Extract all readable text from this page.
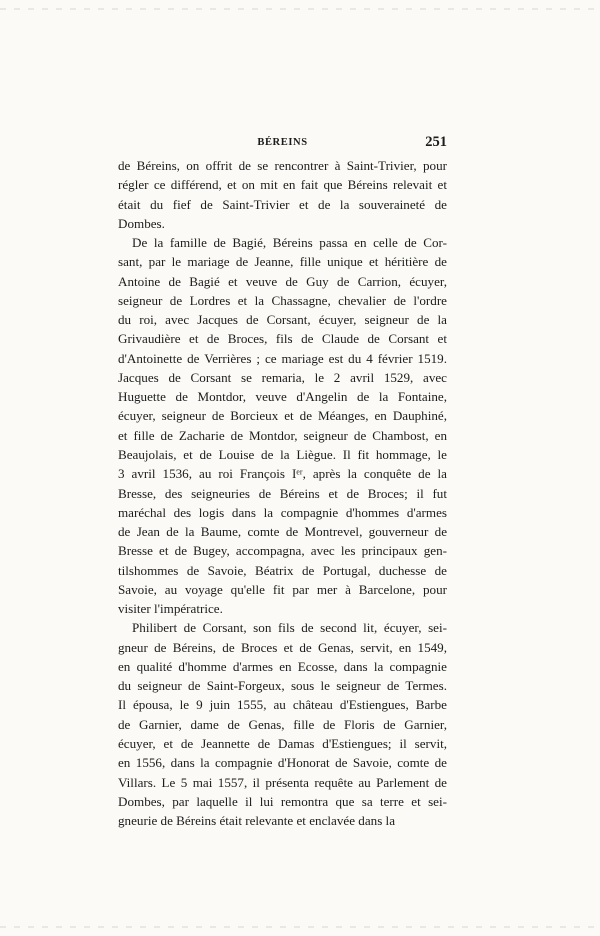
BÉREINS	251
de Béreins, on offrit de se rencontrer à Saint-Trivier, pour
régler ce différend, et on mit en fait que Béreins relevait et
était du fief de Saint-Trivier et de la souveraineté de
Dombes.
De la famille de Bagié, Béreins passa en celle de Cor-
sant, par le mariage de Jeanne, fille unique et héritière de
Antoine de Bagié et veuve de Guy de Carrion, écuyer,
seigneur de Lordres et la Chassagne, chevalier de l'ordre
du roi, avec Jacques de Corsant, écuyer, seigneur de la
Grivaudière et de Broces, fils de Claude de Corsant et
d'Antoinette de Verrières ; ce mariage est du 4 février 1519.
Jacques de Corsant se remaria, le 2 avril 1529, avec
Huguette de Montdor, veuve d'Angelin de la Fontaine,
écuyer, seigneur de Borcieux et de Méanges, en Dauphiné,
et fille de Zacharie de Montdor, seigneur de Chambost, en
Beaujolais, et de Louise de la Liègue. Il fit hommage, le
3 avril 1536, au roi François Iᵉʳ, après la conquête de la
Bresse, des seigneuries de Béreins et de Broces; il fut
maréchal des logis dans la compagnie d'hommes d'armes
de Jean de la Baume, comte de Montrevel, gouverneur de
Bresse et de Bugey, accompagna, avec les principaux gen-
tilshommes de Savoie, Béatrix de Portugal, duchesse de
Savoie, au voyage qu'elle fit par mer à Barcelone, pour
visiter l'impératrice.
Philibert de Corsant, son fils de second lit, écuyer, sei-
gneur de Béreins, de Broces et de Genas, servit, en 1549,
en qualité d'homme d'armes en Ecosse, dans la compagnie
du seigneur de Saint-Forgeux, sous le seigneur de Termes.
Il épousa, le 9 juin 1555, au château d'Estiengues, Barbe
de Garnier, dame de Genas, fille de Floris de Garnier,
écuyer, et de Jeannette de Damas d'Estiengues; il servit,
en 1556, dans la compagnie d'Honorat de Savoie, comte de
Villars. Le 5 mai 1557, il présenta requête au Parlement de
Dombes, par laquelle il lui remontra que sa terre et sei-
gneurie de Béreins était relevante et enclavée dans la
